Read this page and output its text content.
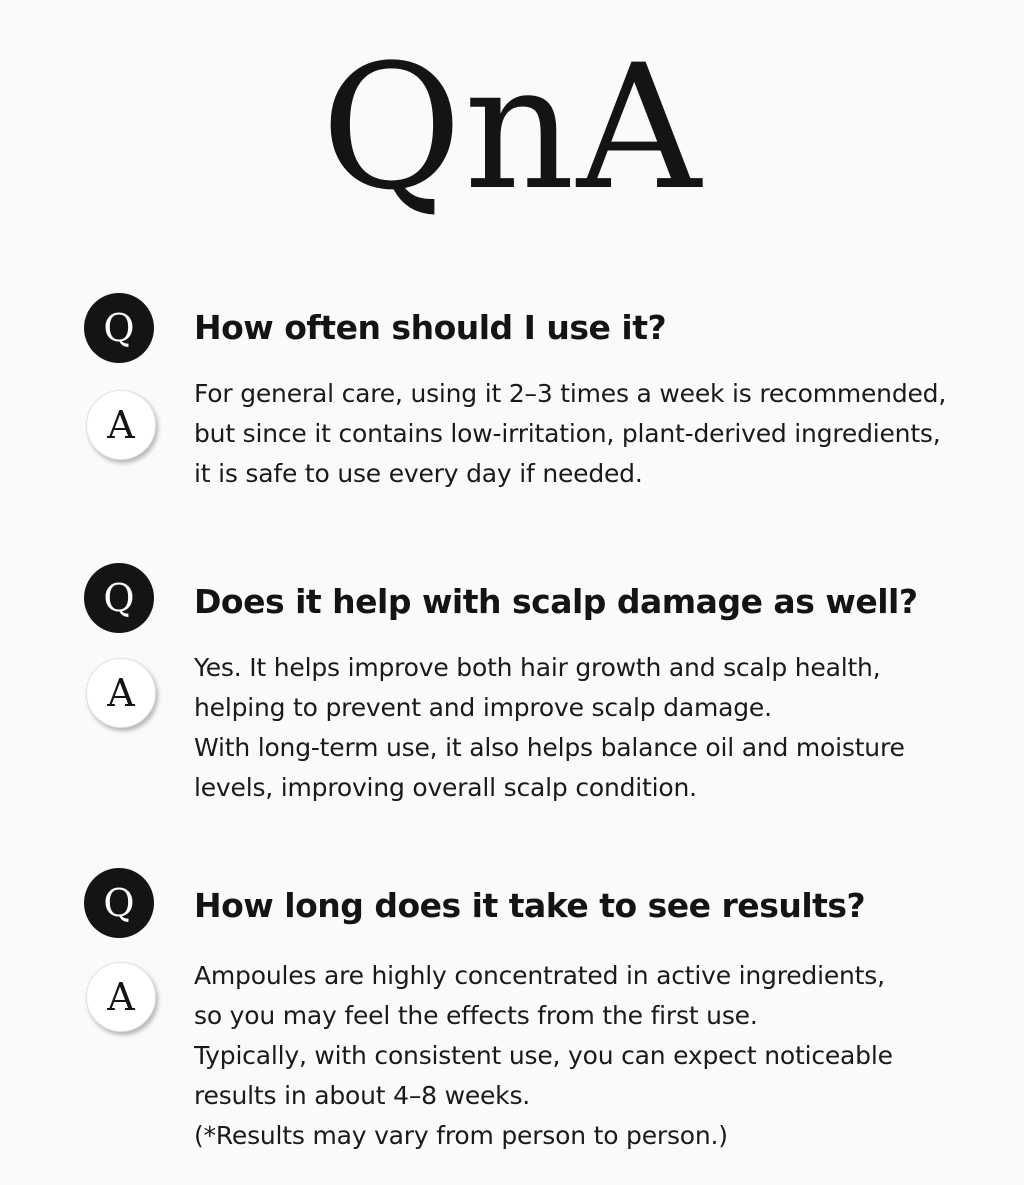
QnA
Q	How often should I use it?
A
For general care, using it 2–3 times a week is recommended,
but since it contains low-irritation, plant-derived ingredients,
it is safe to use every day if needed.
Q	Does it help with scalp damage as well?
A
Yes. It helps improve both hair growth and scalp health,
helping to prevent and improve scalp damage.
With long-term use, it also helps balance oil and moisture
levels, improving overall scalp condition.
Q	How long does it take to see results?
A	Ampoules are highly concentrated in active ingredients,
so you may feel the effects from the first use.
Typically, with consistent use, you can expect noticeable
results in about 4–8 weeks.
(*Results may vary from person to person.)
